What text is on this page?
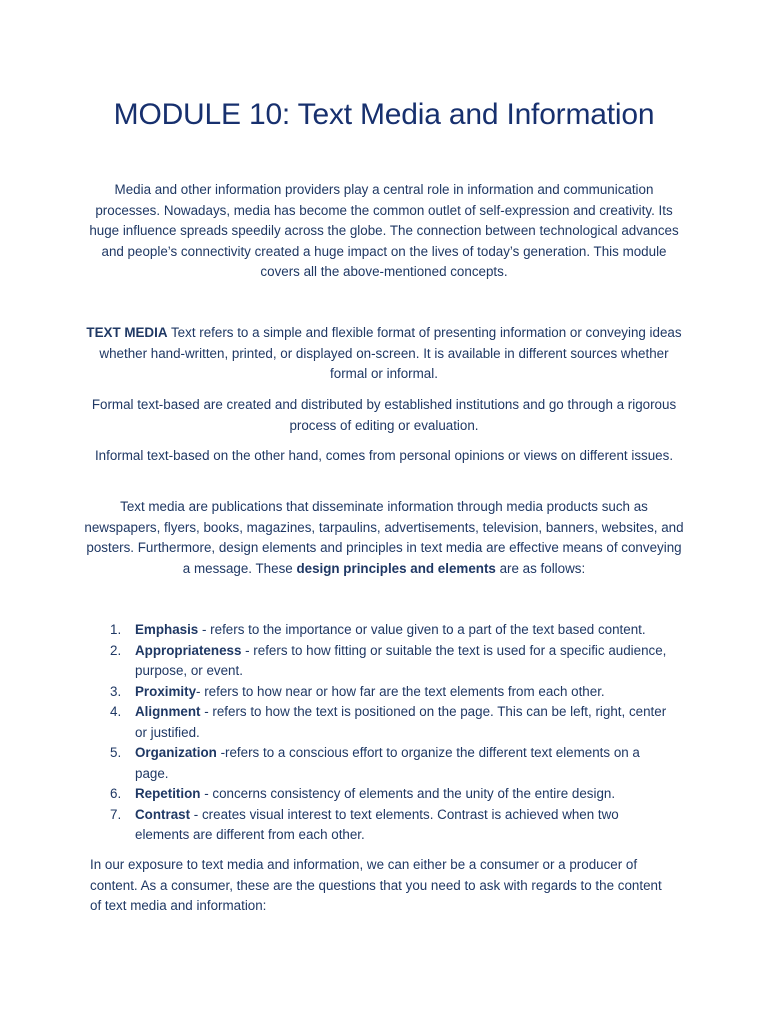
MODULE 10: Text Media and Information

Media and other information providers play a central role in information and communication processes. Nowadays, media has become the common outlet of self-expression and creativity. Its huge influence spreads speedily across the globe. The connection between technological advances and people’s connectivity created a huge impact on the lives of today’s generation. This module covers all the above-mentioned concepts.

TEXT MEDIA Text refers to a simple and flexible format of presenting information or conveying ideas whether hand-written, printed, or displayed on-screen. It is available in different sources whether formal or informal.

Formal text-based are created and distributed by established institutions and go through a rigorous process of editing or evaluation.

Informal text-based on the other hand, comes from personal opinions or views on different issues.

Text media are publications that disseminate information through media products such as newspapers, flyers, books, magazines, tarpaulins, advertisements, television, banners, websites, and posters. Furthermore, design elements and principles in text media are effective means of conveying a message. These design principles and elements are as follows:

1. Emphasis - refers to the importance or value given to a part of the text based content.
2. Appropriateness - refers to how fitting or suitable the text is used for a specific audience, purpose, or event.
3. Proximity- refers to how near or how far are the text elements from each other.
4. Alignment - refers to how the text is positioned on the page. This can be left, right, center or justified.
5. Organization -refers to a conscious effort to organize the different text elements on a page.
6. Repetition - concerns consistency of elements and the unity of the entire design.
7. Contrast - creates visual interest to text elements. Contrast is achieved when two elements are different from each other.

In our exposure to text media and information, we can either be a consumer or a producer of content. As a consumer, these are the questions that you need to ask with regards to the content of text media and information:
